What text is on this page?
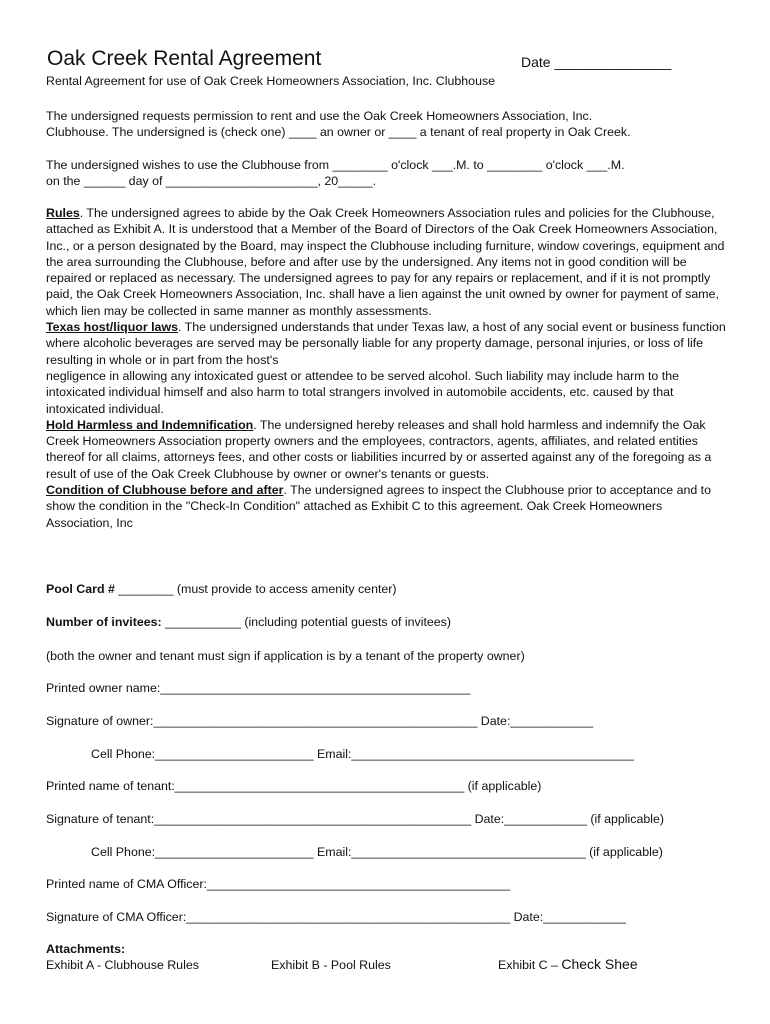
Oak Creek Rental Agreement	Date _______________
Rental Agreement for use of Oak Creek Homeowners Association, Inc. Clubhouse
The undersigned requests permission to rent and use the Oak Creek Homeowners Association, Inc.
Clubhouse. The undersigned is (check one) ____ an owner or ____ a tenant of real property in Oak Creek.
The undersigned wishes to use the Clubhouse from ________ o'clock ___.M. to ________ o'clock ___.M.
on the ______ day of ______________________, 20_____.

Rules. The undersigned agrees to abide by the Oak Creek Homeowners Association rules and policies for the Clubhouse, attached as Exhibit A. It is understood that a Member of the Board of Directors of the Oak Creek Homeowners Association, Inc., or a person designated by the Board, may inspect the Clubhouse including furniture, window coverings, equipment and the area surrounding the Clubhouse, before and after use by the undersigned. Any items not in good condition will be repaired or replaced as necessary. The undersigned agrees to pay for any repairs or replacement, and if it is not promptly paid, the Oak Creek Homeowners Association, Inc. shall have a lien against the unit owned by owner for payment of same, which lien may be collected in same manner as monthly assessments.

Texas host/liquor laws. The undersigned understands that under Texas law, a host of any social event or business function where alcoholic beverages are served may be personally liable for any property damage, personal injuries, or loss of life resulting in whole or in part from the host's

negligence in allowing any intoxicated guest or attendee to be served alcohol. Such liability may include harm to the intoxicated individual himself and also harm to total strangers involved in automobile accidents, etc. caused by that intoxicated individual.

Hold Harmless and Indemnification. The undersigned hereby releases and shall hold harmless and indemnify the Oak Creek Homeowners Association property owners and the employees, contractors, agents, affiliates, and related entities thereof for all claims, attorneys fees, and other costs or liabilities incurred by or asserted against any of the foregoing as a result of use of the Oak Creek Clubhouse by owner or owner's tenants or guests.

Condition of Clubhouse before and after. The undersigned agrees to inspect the Clubhouse prior to acceptance and to show the condition in the "Check-In Condition" attached as Exhibit C to this agreement. Oak Creek Homeowners Association, Inc

Pool Card # ________ (must provide to access amenity center)
Number of invitees: ___________ (including potential guests of invitees)
(both the owner and tenant must sign if application is by a tenant of the property owner)
Printed owner name:_____________________________________________
Signature of owner:_______________________________________________ Date:____________
Cell Phone:_______________________ Email:_________________________________________
Printed name of tenant:__________________________________________ (if applicable)
Signature of tenant:______________________________________________ Date:____________ (if applicable)
Cell Phone:_______________________ Email:__________________________________ (if applicable)
Printed name of CMA Officer:____________________________________________
Signature of CMA Officer:_______________________________________________ Date:____________
Attachments:
Exhibit A - Clubhouse Rules	Exhibit B - Pool Rules	Exhibit C – Check Shee
